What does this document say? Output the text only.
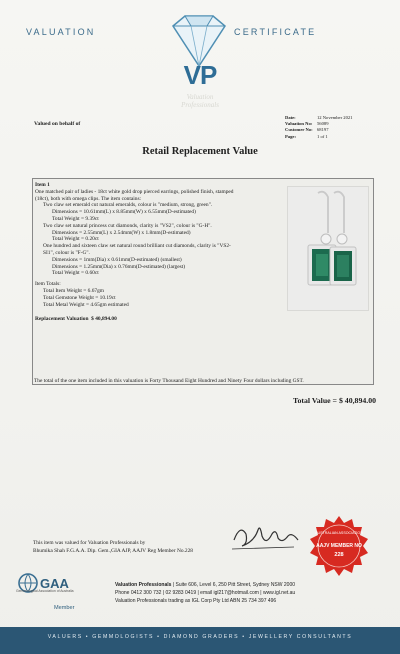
VALUATION	CERTIFICATE
VP
Valuation Professionals
Valued on behalf of
Date:	12 November 2021
Valuation No:	56089
Customer No: 68197
Page:	1 of 1
Retail Replacement Value
Item 1
One matched pair of ladies - 18ct white gold drop pierced earrings, polished finish, stamped
(18ct), both with omega clips. The item contains:
Two claw set emerald cut natural emeralds, colour is "medium, strong, green".
Dimensions = 10.61mm(L) x 8.85mm(W) x 6.55mm(D-estimated)
Total Weight = 9.39ct
Two claw set natural princess cut diamonds, clarity is "VS2", colour is "G-H".
Dimensions = 2.55mm(L) x 2.54mm(W) x 1.8mm(D-estimated)
Total Weight = 0.20ct
One hundred and sixteen claw set natural round brilliant cut diamonds, clarity is "VS2-
SI1", colour is "F-G".
Dimensions = 1mm(Dia) x 0.61mm(D-estimated) (smallest)
Dimensions = 1.25mm(Dia) x 0.76mm(D-estimated) (largest)
Total Weight = 0.60ct
Item Totals:
Total Item Weight = 6.67gm
Total Gemstone Weight = 10.19ct
Total Metal Weight = 4.65gm estimated
Replacement Valuation $ 40,894.00
The total of the one item included in this valuation is Forty Thousand Eight Hundred and Ninety Four dollars including GST.
Total Value = $ 40,894.00
This item was valued for Valuation Professionals by
Bhumika Shah F.G.A.A. Dip. Gem.,GIA AJP, AAJV Reg Member No.228
AUSTRALIAN ASSOCIATION
AAJV MEMBER NO
228
GAA
Gemmological Association of Australia
Member
Valuation Professionals | Suite 606, Level 6, 250 Pitt Street, Sydney NSW 2000
Phone 0412 300 732 | 02 9283 0419 | email igl217@hotmail.com | www.igl.net.au
Valuation Professionals trading as IGL Corp Pty Ltd ABN 25 734 397 496
VALUERS • GEMMOLOGISTS • DIAMOND GRADERS • JEWELLERY CONSULTANTS
